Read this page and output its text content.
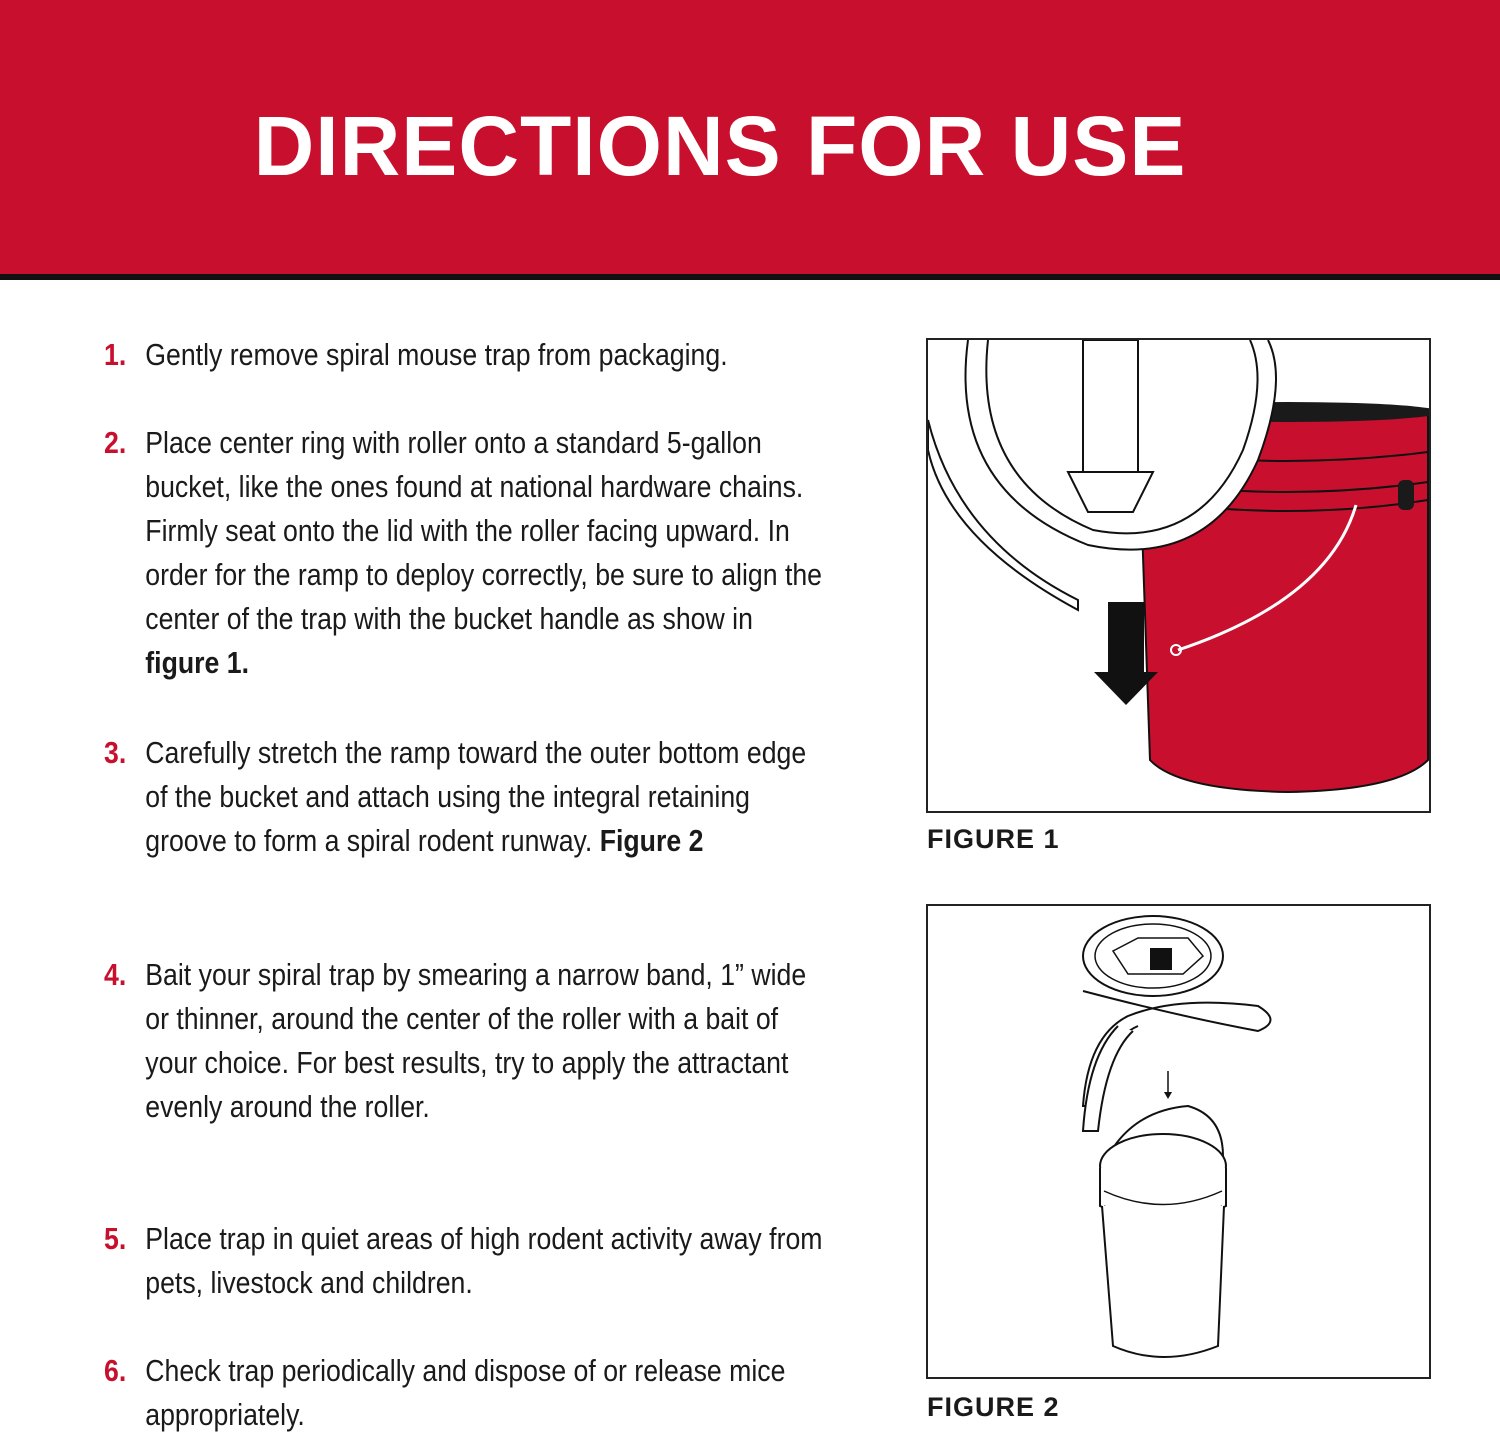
DIRECTIONS FOR USE
1. Gently remove spiral mouse trap from packaging.
2. Place center ring with roller onto a standard 5-gallon bucket, like the ones found at national hardware chains. Firmly seat onto the lid with the roller facing upward. In order for the ramp to deploy correctly, be sure to align the center of the trap with the bucket handle as show in figure 1.
3. Carefully stretch the ramp toward the outer bottom edge of the bucket and attach using the integral retaining groove to form a spiral rodent runway. Figure 2
4. Bait your spiral trap by smearing a narrow band, 1” wide or thinner, around the center of the roller with a bait of your choice. For best results, try to apply the attractant evenly around the roller.
5. Place trap in quiet areas of high rodent activity away from pets, livestock and children.
6. Check trap periodically and dispose of or release mice appropriately.
FIGURE 1
FIGURE 2
